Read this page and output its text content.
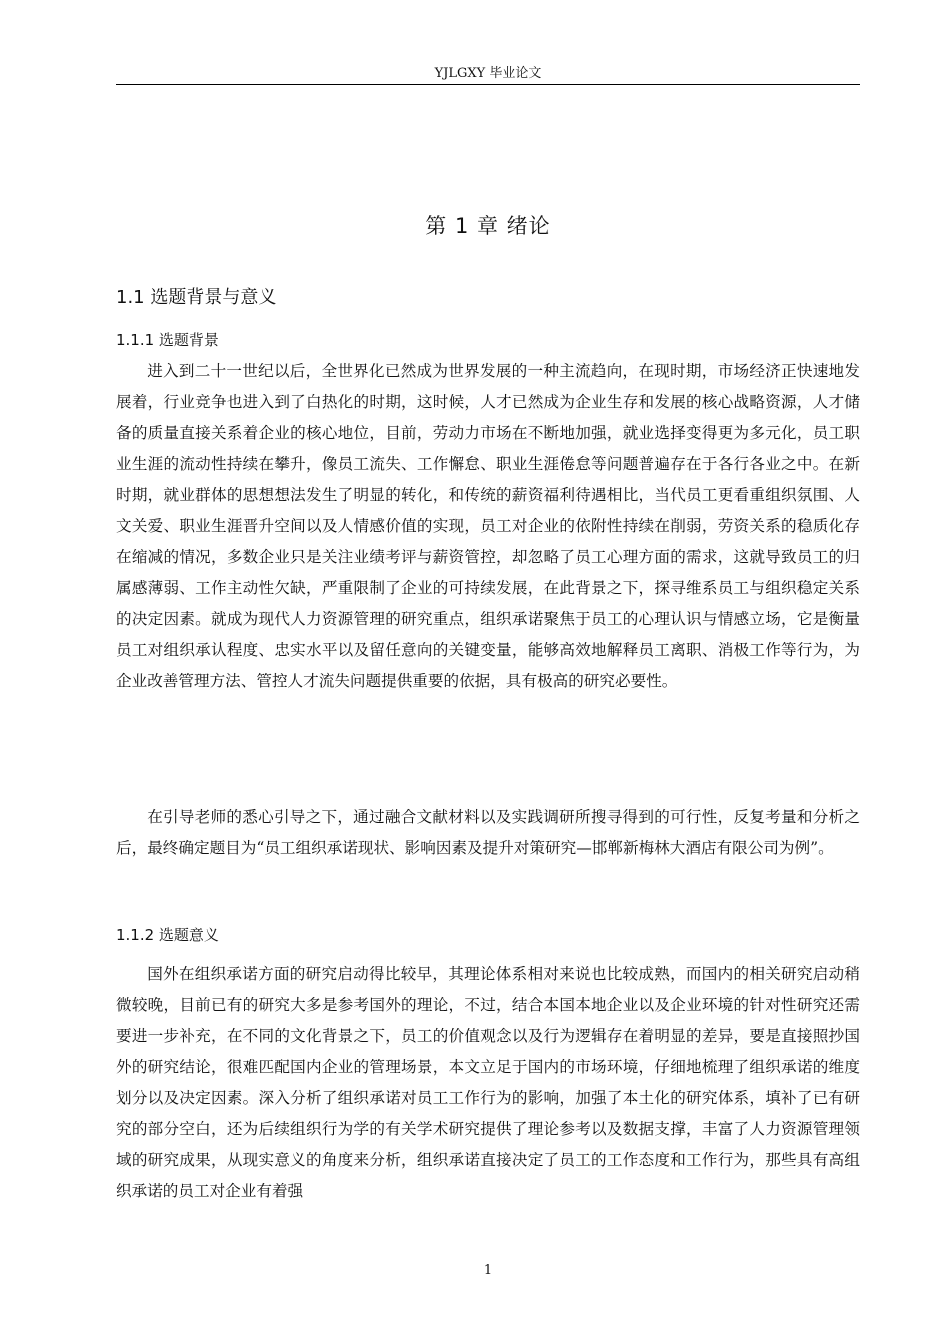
YJLGXY 毕业论文
第 1 章 绪论
1.1 选题背景与意义
1.1.1 选题背景

进入到二十一世纪以后，全世界化已然成为世界发展的一种主流趋向，在现时期，市场经济正快速地发展着，行业竞争也进入到了白热化的时期，这时候，人才已然成为企业生存和发展的核心战略资源，人才储备的质量直接关系着企业的核心地位，目前，劳动力市场在不断地加强，就业选择变得更为多元化，员工职业生涯的流动性持续在攀升，像员工流失、工作懈怠、职业生涯倦怠等问题普遍存在于各行各业之中。在新时期，就业群体的思想想法发生了明显的转化，和传统的薪资福利待遇相比，当代员工更看重组织氛围、人文关爱、职业生涯晋升空间以及人情感价值的实现，员工对企业的依附性持续在削弱，劳资关系的稳质化存在缩减的情况，多数企业只是关注业绩考评与薪资管控，却忽略了员工心理方面的需求，这就导致员工的归属感薄弱、工作主动性欠缺，严重限制了企业的可持续发展，在此背景之下，探寻维系员工与组织稳定关系的决定因素。就成为现代人力资源管理的研究重点，组织承诺聚焦于员工的心理认识与情感立场，它是衡量员工对组织承认程度、忠实水平以及留任意向的关键变量，能够高效地解释员工离职、消极工作等行为，为企业改善管理方法、管控人才流失问题提供重要的依据，具有极高的研究必要性。

在引导老师的悉心引导之下，通过融合文献材料以及实践调研所搜寻得到的可行性，反复考量和分析之后，最终确定题目为“员工组织承诺现状、影响因素及提升对策研究—邯郸新梅林大酒店有限公司为例”。

1.1.2 选题意义

国外在组织承诺方面的研究启动得比较早，其理论体系相对来说也比较成熟，而国内的相关研究启动稍微较晚，目前已有的研究大多是参考国外的理论，不过，结合本国本地企业以及企业环境的针对性研究还需要进一步补充，在不同的文化背景之下，员工的价值观念以及行为逻辑存在着明显的差异，要是直接照抄国外的研究结论，很难匹配国内企业的管理场景，本文立足于国内的市场环境，仔细地梳理了组织承诺的维度划分以及决定因素。深入分析了组织承诺对员工工作行为的影响，加强了本土化的研究体系，填补了已有研究的部分空白，还为后续组织行为学的有关学术研究提供了理论参考以及数据支撑，丰富了人力资源管理领域的研究成果，从现实意义的角度来分析，组织承诺直接决定了员工的工作态度和工作行为，那些具有高组织承诺的员工对企业有着强

1
